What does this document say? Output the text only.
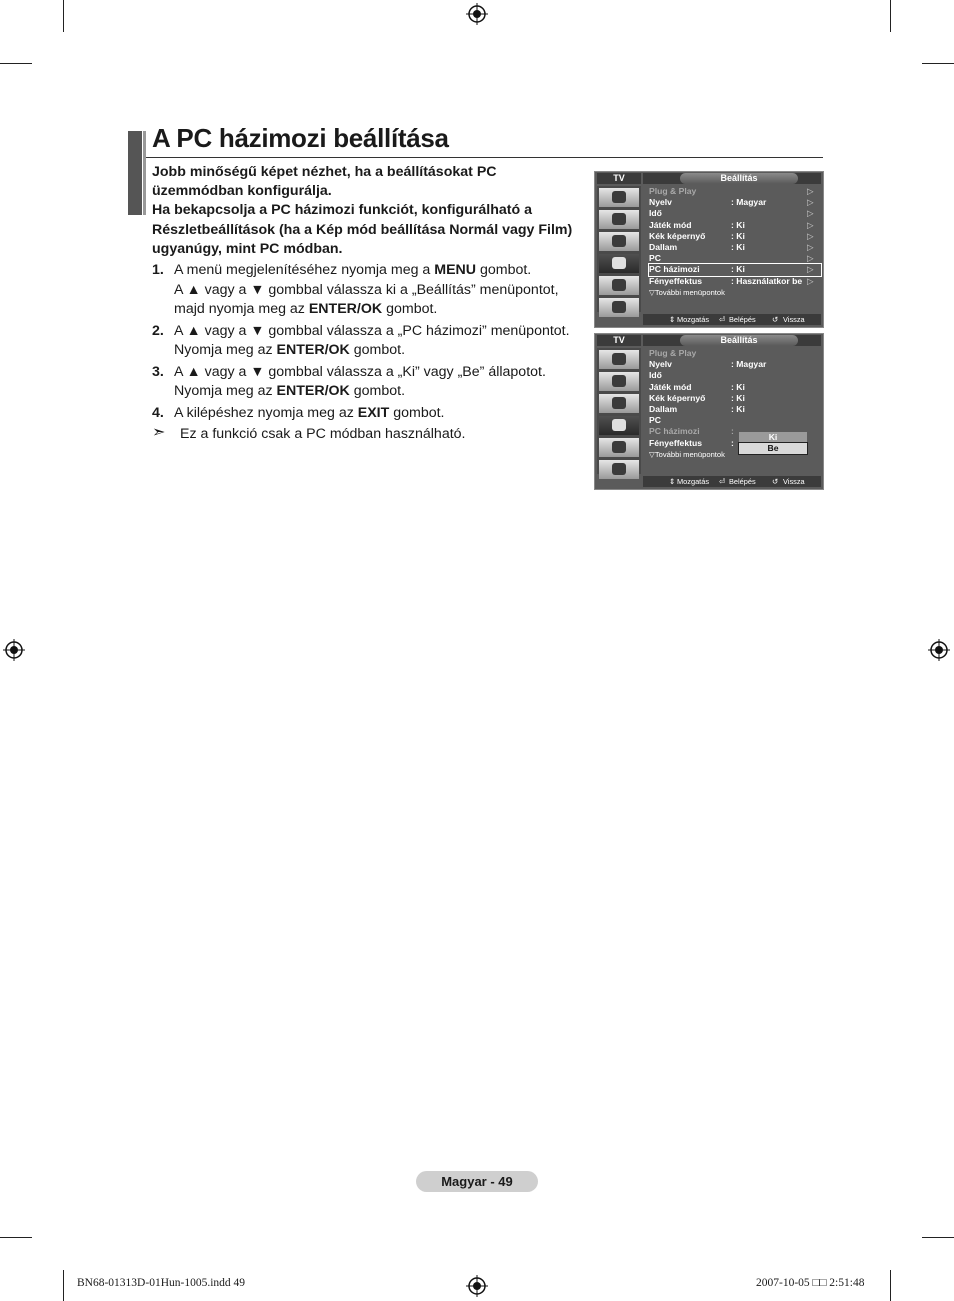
A PC házimozi beállítása
Jobb minőségű képet nézhet, ha a beállításokat PC
üzemmódban konfigurálja.
Ha bekapcsolja a PC házimozi funkciót, konfigurálható a
Részletbeállítások (ha a Kép mód beállítása Normál vagy Film)
ugyanúgy, mint PC módban.
1. A menü megjelenítéséhez nyomja meg a MENU gombot.
A ▲ vagy a ▼ gombbal válassza ki a „Beállítás” menüpontot,
majd nyomja meg az ENTER/OK gombot.
2. A ▲ vagy a ▼ gombbal válassza a „PC házimozi” menüpontot.
Nyomja meg az ENTER/OK gombot.
3. A ▲ vagy a ▼ gombbal válassza a „Ki” vagy „Be” állapotot.
Nyomja meg az ENTER/OK gombot.
4. A kilépéshez nyomja meg az EXIT gombot.
➣ Ez a funkció csak a PC módban használható.
TV	Beállítás
Plug & Play	▷
Nyelv	: Magyar	▷
Idő	▷
Játék mód	: Ki	▷
Kék képernyő	: Ki	▷
Dallam	: Ki	▷
PC	▷
PC házimozi	: Ki	▷
Fényeffektus	: Használatkor be ▷
▽További menüpontok
⇕ Mozgatás ⏎ Belépés ↺ Vissza
TV	Beállítás
Plug & Play
Nyelv	: Magyar
Idő
Játék mód	: Ki
Kék képernyő	: Ki
Dallam	: Ki
PC
PC házimozi	:
Fényeffektus	:
▽További menüpontok
Ki
Be
⇕ Mozgatás ⏎ Belépés ↺ Vissza
Magyar - 49
BN68-01313D-01Hun-1005.indd 49	2007-10-05 □□ 2:51:48
